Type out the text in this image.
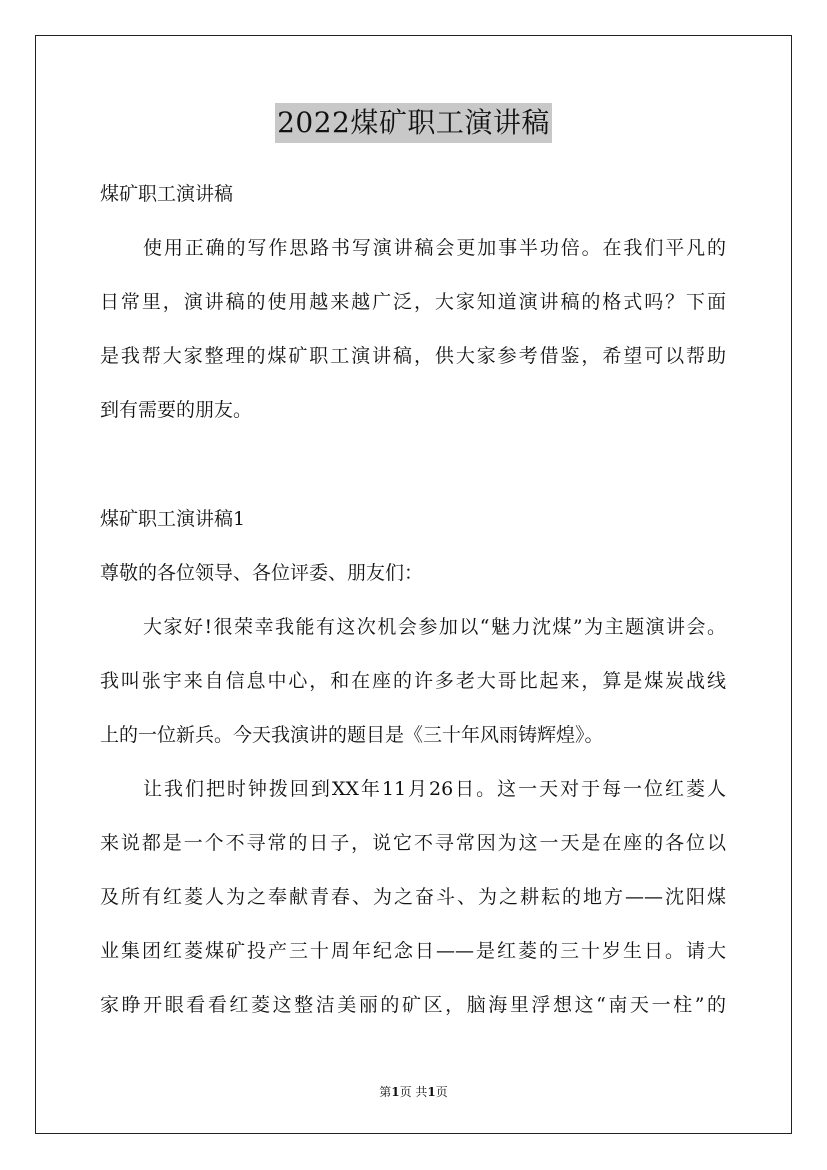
2022煤矿职工演讲稿
煤矿职工演讲稿
使用正确的写作思路书写演讲稿会更加事半功倍。在我们平凡的
日常里，演讲稿的使用越来越广泛，大家知道演讲稿的格式吗？下面
是我帮大家整理的煤矿职工演讲稿，供大家参考借鉴，希望可以帮助
到有需要的朋友。
煤矿职工演讲稿1
尊敬的各位领导、各位评委、朋友们：
大家好!很荣幸我能有这次机会参加以“魅力沈煤”为主题演讲会。
我叫张宇来自信息中心，和在座的许多老大哥比起来，算是煤炭战线
上的一位新兵。今天我演讲的题目是《三十年风雨铸辉煌》。
让我们把时钟拨回到XX年11月26日。这一天对于每一位红菱人
来说都是一个不寻常的日子，说它不寻常因为这一天是在座的各位以
及所有红菱人为之奉献青春、为之奋斗、为之耕耘的地方——沈阳煤
业集团红菱煤矿投产三十周年纪念日——是红菱的三十岁生日。请大
家睁开眼看看红菱这整洁美丽的矿区，脑海里浮想这“南天一柱”的
第1页 共1页
